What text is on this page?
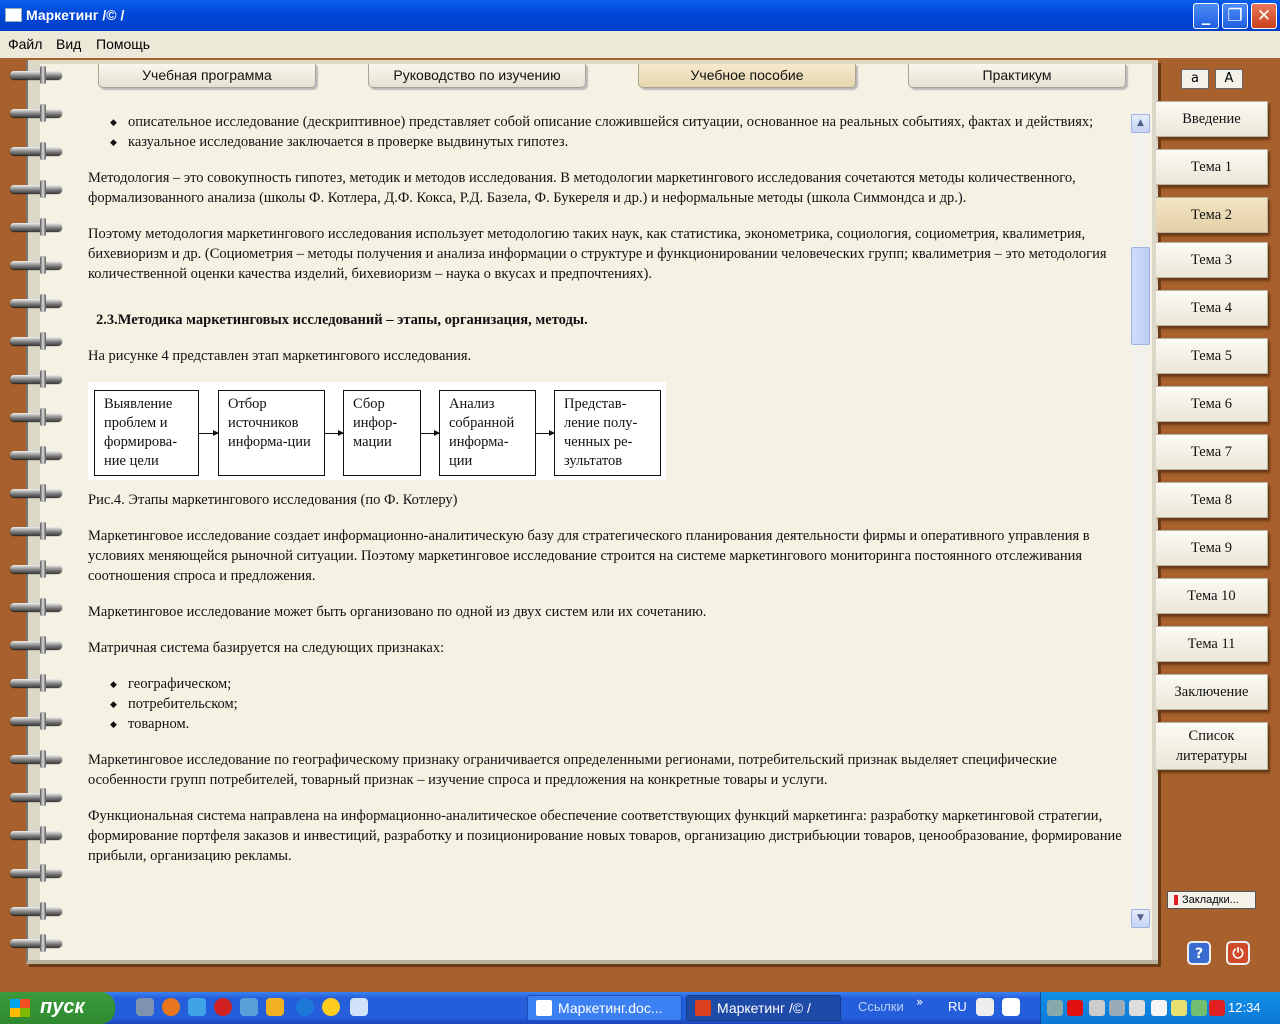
Маркетинг /© /	_	❐ ✕
Файл Вид Помощь
Учебная программа	Руководство по изучению	Учебное пособие	Практикум
◆ описательное исследование (дескриптивное) представляет собой описание сложившейся ситуации, основанное на реальных событиях, фактах и действиях;
◆ казуальное исследование заключается в проверке выдвинутых гипотез.

Методология – это совокупность гипотез, методик и методов исследования. В методологии маркетингового исследования сочетаются методы количественного, формализованного анализа (школы Ф. Котлера, Д.Ф. Кокса, Р.Д. Базела, Ф. Букереля и др.) и неформальные методы (школа Симмондса и др.).

Поэтому методология маркетингового исследования использует методологию таких наук, как статистика, эконометрика, социология, социометрия, квалиметрия, бихевиоризм и др. (Социометрия – методы получения и анализа информации о структуре и функционировании человеческих групп; квалиметрия – это методология количественной оценки качества изделий, бихевиоризм – наука о вкусах и предпочтениях).

2.3.Методика маркетинговых исследований – этапы, организация, методы.

На рисунке 4 представлен этап маркетингового исследования.

Выявление проблем и формирова-ние цели
Отбор источников информа-ции
Сбор инфор-мации
Анализ собранной информа-ции
Представ-ление полу-ченных ре-зультатов

Рис.4. Этапы маркетингового исследования (по Ф. Котлеру)

Маркетинговое исследование создает информационно-аналитическую базу для стратегического планирования деятельности фирмы и оперативного управления в условиях меняющейся рыночной ситуации. Поэтому маркетинговое исследование строится на системе маркетингового мониторинга постоянного отслеживания соотношения спроса и предложения.

Маркетинговое исследование может быть организовано по одной из двух систем или их сочетанию.

Матричная система базируется на следующих признаках:

◆ географическом;
◆ потребительском;
◆ товарном.

Маркетинговое исследование по географическому признаку ограничивается определенными регионами, потребительский признак выделяет специфические особенности групп потребителей, товарный признак – изучение спроса и предложения на конкретные товары и услуги.

Функциональная система направлена на информационно-аналитическое обеспечение соответствующих функций маркетинга: разработку маркетинговой стратегии, формирование портфеля заказов и инвестиций, разработку и позиционирование новых товаров, организацию дистрибьюции товаров, ценообразование, формирование прибыли, организацию рекламы.

▲
▼
a	A
Введение
Тема 1
Тема 2
Тема 3
Тема 4
Тема 5
Тема 6
Тема 7
Тема 8
Тема 9
Тема 10
Тема 11
Заключение
Список литературы
Закладки...
?	⏻
пуск	Маркетинг.doc...	Маркетинг /© /	Ссылки » RU	12:34
